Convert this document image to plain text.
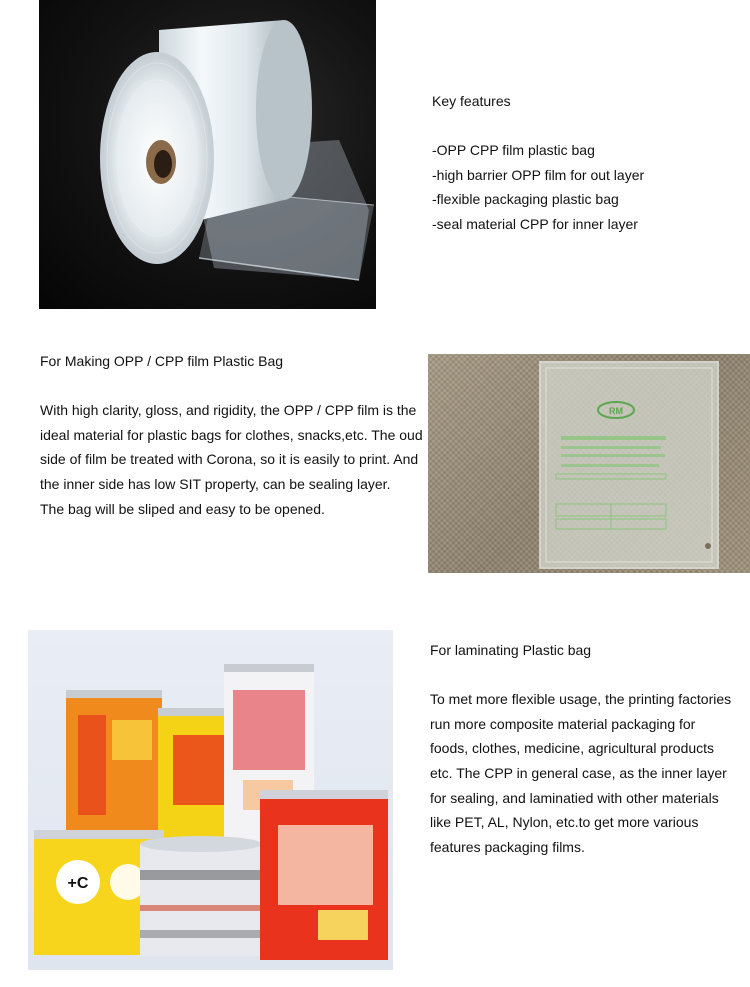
Key features

-OPP CPP film plastic bag

-high barrier OPP film for out layer

-flexible packaging plastic bag

-seal material CPP for inner layer

For Making OPP / CPP film Plastic Bag

With high clarity, gloss, and rigidity, the OPP / CPP film is the ideal material for plastic bags for clothes, snacks,etc. The oud side of film be treated with Corona, so it is easily to print. And the inner side has low SIT property, can be sealing layer.

The bag will be sliped and easy to be opened.

RM
+C

For laminating Plastic bag

To met more flexible usage, the printing factories run more composite material packaging for foods, clothes, medicine, agricultural products etc. The CPP in general case, as the inner layer for sealing, and laminatied with other materials like PET, AL, Nylon, etc.to get more various features packaging films.
